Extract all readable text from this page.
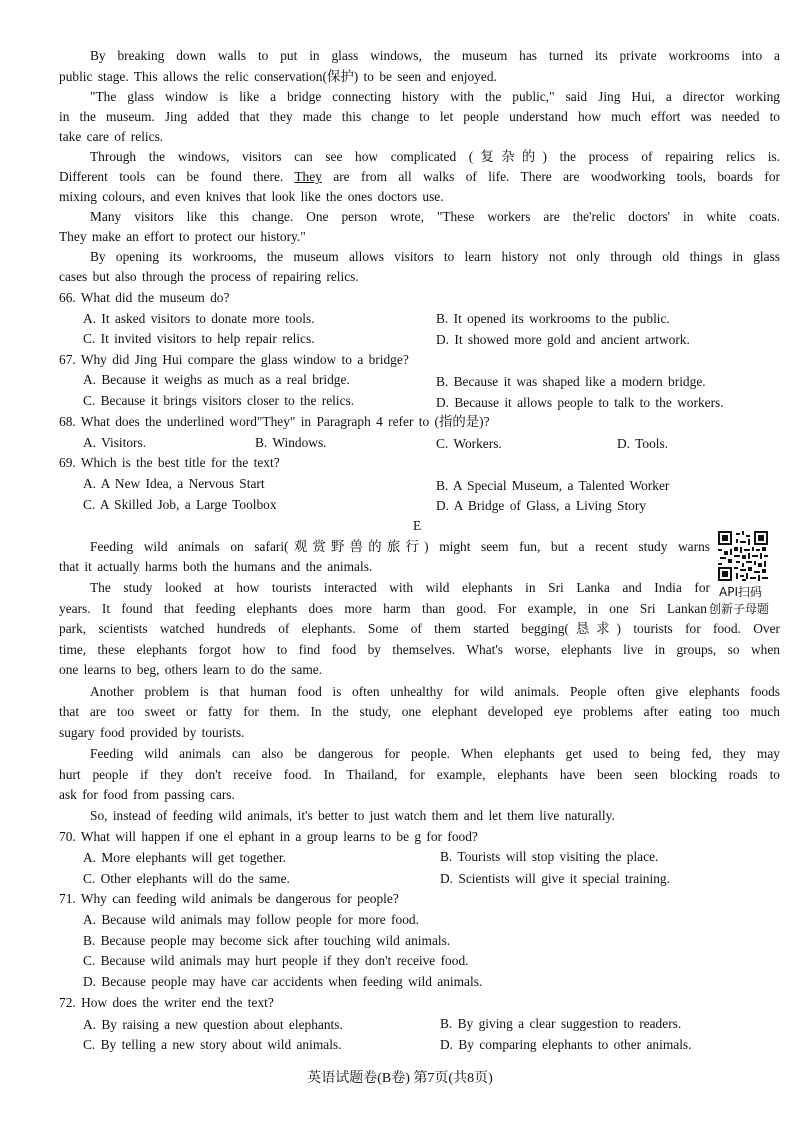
By breaking down walls to put in glass windows, the museum has turned its private workrooms into a
public stage. This allows the relic conservation(保护) to be seen and enjoyed.
"The glass window is like a bridge connecting history with the public," said Jing Hui, a director working
in the museum. Jing added that they made this change to let people understand how much effort was needed to
take care of relics.
Through the windows, visitors can see how complicated (复杂的) the process of repairing relics is.
Different tools can be found there. They are from all walks of life. There are woodworking tools, boards for
mixing colours, and even knives that look like the ones doctors use.
Many visitors like this change. One person wrote, "These workers are the'relic doctors' in white coats.
They make an effort to protect our history."
By opening its workrooms, the museum allows visitors to learn history not only through old things in glass
cases but also through the process of repairing relics.
66. What did the museum do?
A. It asked visitors to donate more tools.	B. It opened its workrooms to the public.
C. It invited visitors to help repair relics.	D. It showed more gold and ancient artwork.
67. Why did Jing Hui compare the glass window to a bridge?
A. Because it weighs as much as a real bridge.	B. Because it was shaped like a modern bridge.
C. Because it brings visitors closer to the relics.	D. Because it allows people to talk to the workers.
68. What does the underlined word"They" in Paragraph 4 refer to (指的是)?
A. Visitors.	B. Windows.	C. Workers.	D. Tools.
69. Which is the best title for the text?
A. A New Idea, a Nervous Start	B. A Special Museum, a Talented Worker
C. A Skilled Job, a Large Toolbox	D. A Bridge of Glass, a Living Story
E
API扫码
Feeding wild animals on safari(观赏野兽的旅行) might seem fun, but a recent study warns
that it actually harms both the humans and the animals.
The study looked at how tourists interacted with wild elephants in Sri Lanka and India for
years. It found that feeding elephants does more harm than good. For example, in one Sri Lankan 创新子母题
park, scientists watched hundreds of elephants. Some of them started begging(恳求) tourists for food. Over
time, these elephants forgot how to find food by themselves. What's worse, elephants live in groups, so when
one learns to beg, others learn to do the same.
Another problem is that human food is often unhealthy for wild animals. People often give elephants foods
that are too sweet or fatty for them. In the study, one elephant developed eye problems after eating too much
sugary food provided by tourists.
Feeding wild animals can also be dangerous for people. When elephants get used to being fed, they may
hurt people if they don't receive food. In Thailand, for example, elephants have been seen blocking roads to
ask for food from passing cars.
So, instead of feeding wild animals, it's better to just watch them and let them live naturally.
70. What will happen if one el ephant in a group learns to be g for food?
A. More elephants will get together.	B. Tourists will stop visiting the place.
C. Other elephants will do the same.	D. Scientists will give it special training.
71. Why can feeding wild animals be dangerous for people?
A. Because wild animals may follow people for more food.
B. Because people may become sick after touching wild animals.
C. Because wild animals may hurt people if they don't receive food.
D. Because people may have car accidents when feeding wild animals.
72. How does the writer end the text?
A. By raising a new question about elephants.	B. By giving a clear suggestion to readers.
C. By telling a new story about wild animals.	D. By comparing elephants to other animals.
英语试题卷(B卷) 第7页(共8页)
